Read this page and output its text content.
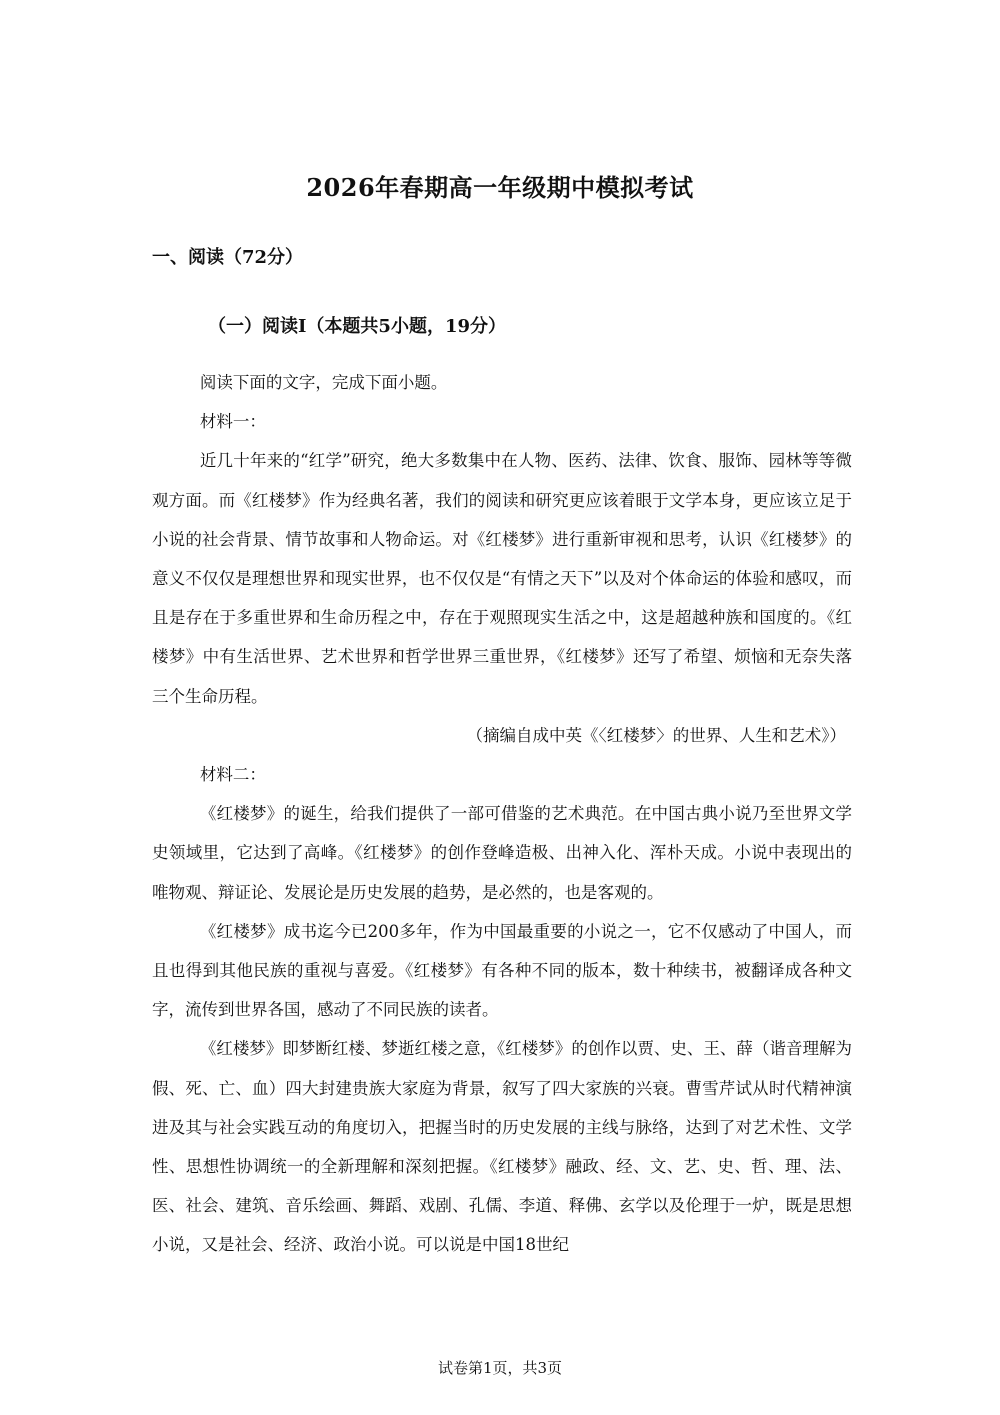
2026年春期高一年级期中模拟考试
一、阅读（72分）
（一）阅读I（本题共5小题，19分）

阅读下面的文字，完成下面小题。

材料一：

近几十年来的“红学”研究，绝大多数集中在人物、医药、法律、饮食、服饰、园林等等微观方面。而《红楼梦》作为经典名著，我们的阅读和研究更应该着眼于文学本身，更应该立足于小说的社会背景、情节故事和人物命运。对《红楼梦》进行重新审视和思考，认识《红楼梦》的意义不仅仅是理想世界和现实世界，也不仅仅是“有情之天下”以及对个体命运的体验和感叹，而且是存在于多重世界和生命历程之中，存在于观照现实生活之中，这是超越种族和国度的。《红楼梦》中有生活世界、艺术世界和哲学世界三重世界，《红楼梦》还写了希望、烦恼和无奈失落三个生命历程。

（摘编自成中英《〈红楼梦〉的世界、人生和艺术》）

材料二：

《红楼梦》的诞生，给我们提供了一部可借鉴的艺术典范。在中国古典小说乃至世界文学史领域里，它达到了高峰。《红楼梦》的创作登峰造极、出神入化、浑朴天成。小说中表现出的唯物观、辩证论、发展论是历史发展的趋势，是必然的，也是客观的。

《红楼梦》成书迄今已200多年，作为中国最重要的小说之一，它不仅感动了中国人，而且也得到其他民族的重视与喜爱。《红楼梦》有各种不同的版本，数十种续书，被翻译成各种文字，流传到世界各国，感动了不同民族的读者。

《红楼梦》即梦断红楼、梦逝红楼之意，《红楼梦》的创作以贾、史、王、薛（谐音理解为假、死、亡、血）四大封建贵族大家庭为背景，叙写了四大家族的兴衰。曹雪芹试从时代精神演进及其与社会实践互动的角度切入，把握当时的历史发展的主线与脉络，达到了对艺术性、文学性、思想性协调统一的全新理解和深刻把握。《红楼梦》融政、经、文、艺、史、哲、理、法、医、社会、建筑、音乐绘画、舞蹈、戏剧、孔儒、李道、释佛、玄学以及伦理于一炉，既是思想小说，又是社会、经济、政治小说。可以说是中国18世纪

试卷第1页，共3页
